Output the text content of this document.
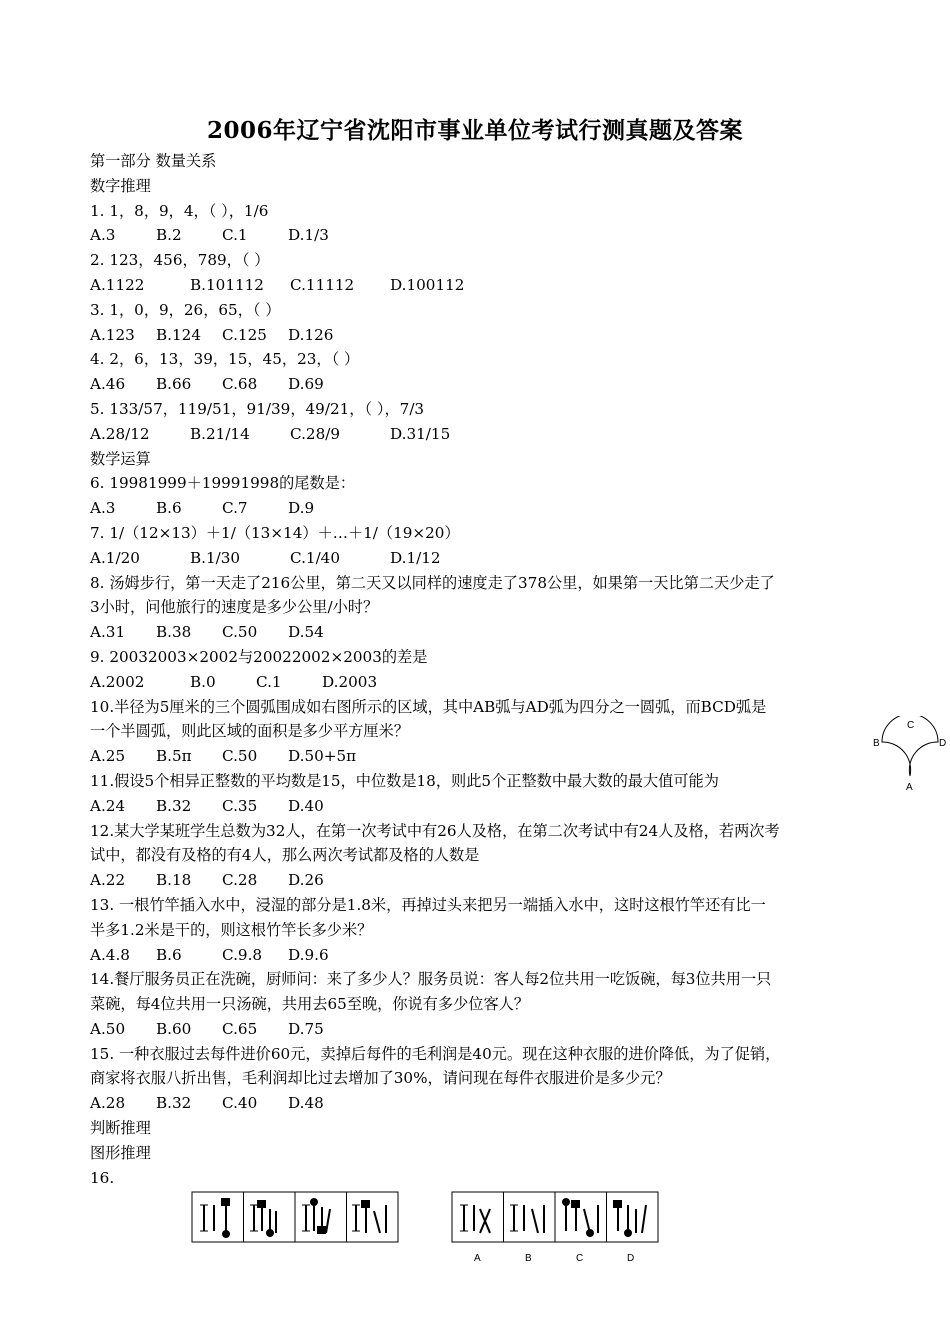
2006年辽宁省沈阳市事业单位考试行测真题及答案
第一部分 数量关系
数字推理
1. 1，8，9，4，（ ），1/6
A.3	B.2	C.1	D.1/3
2. 123，456，789，（ ）
A.1122	B.101112 C.11112 D.100112
3. 1，0，9，26，65，（ ）
A.123 B.124 C.125 D.126
4. 2，6，13，39，15，45，23，（ ）
A.46 B.66 C.68 D.69
5. 133/57，119/51，91/39，49/21，（ ），7/3
A.28/12	B.21/14	C.28/9	D.31/15
数学运算
6. 19981999＋19991998的尾数是：
A.3	B.6	C.7	D.9
7. 1/（12×13）＋1/（13×14）＋…＋1/（19×20）
A.1/20	B.1/30	C.1/40	D.1/12
8. 汤姆步行，第一天走了216公里，第二天又以同样的速度走了378公里，如果第一天比第二天少走了
3小时，问他旅行的速度是多少公里/小时？
A.31 B.38 C.50 D.54
9. 20032003×2002与20022002×2003的差是
A.2002	B.0	C.1	D.2003
10.半径为5厘米的三个圆弧围成如右图所示的区域，其中AB弧与AD弧为四分之一圆弧，而BCD弧是
一个半圆弧，则此区域的面积是多少平方厘米？
A.25 B.5π C.50 D.50+5π
11.假设5个相异正整数的平均数是15，中位数是18，则此5个正整数中最大数的最大值可能为
A.24 B.32 C.35 D.40
12.某大学某班学生总数为32人，在第一次考试中有26人及格，在第二次考试中有24人及格，若两次考
试中，都没有及格的有4人，那么两次考试都及格的人数是
A.22 B.18 C.28 D.26
13. 一根竹竿插入水中，浸湿的部分是1.8米，再掉过头来把另一端插入水中，这时这根竹竿还有比一
半多1.2米是干的，则这根竹竿长多少米？
A.4.8 B.6	C.9.8 D.9.6
14.餐厅服务员正在洗碗，厨师问：来了多少人？服务员说：客人每2位共用一吃饭碗，每3位共用一只
菜碗，每4位共用一只汤碗，共用去65至晚，你说有多少位客人？
A.50 B.60 C.65 D.75
15. 一种衣服过去每件进价60元，卖掉后每件的毛利润是40元。现在这种衣服的进价降低，为了促销，
商家将衣服八折出售，毛利润却比过去增加了30%，请问现在每件衣服进价是多少元？
A.28 B.32 C.40 D.48
判断推理
图形推理
16.
C
B	D
A
A	B	C	D
